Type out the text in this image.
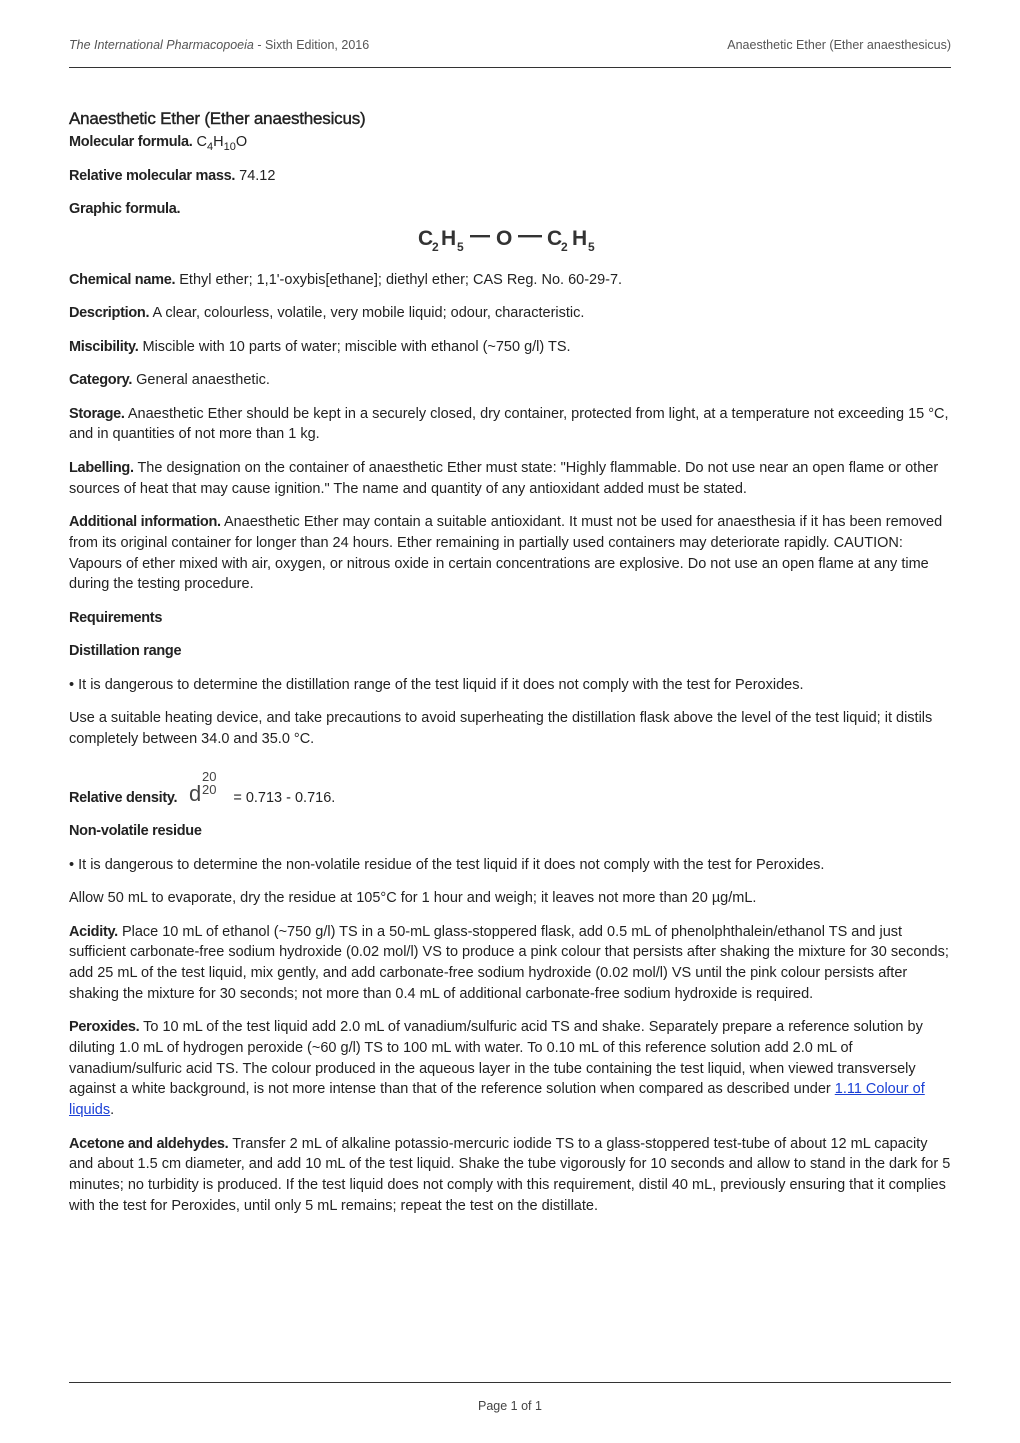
The International Pharmacopoeia - Sixth Edition, 2016	Anaesthetic Ether (Ether anaesthesicus)
Anaesthetic Ether (Ether anaesthesicus)

Molecular formula. $C_4H_{10}O$

Relative molecular mass. 74.12

Graphic formula.

C
2 H 5 O C
2 H 5

Chemical name. Ethyl ether; 1,1'-oxybis[ethane]; diethyl ether; CAS Reg. No. 60-29-7.

Description. A clear, colourless, volatile, very mobile liquid; odour, characteristic.

Miscibility. Miscible with 10 parts of water; miscible with ethanol (~750 g/l) TS.

Category. General anaesthetic.

Storage. Anaesthetic Ether should be kept in a securely closed, dry container, protected from light, at a temperature not exceeding 15 °C, and in quantities of not more than 1 kg.

Labelling. The designation on the container of anaesthetic Ether must state: "Highly flammable. Do not use near an open flame or other sources of heat that may cause ignition." The name and quantity of any antioxidant added must be stated.

Additional information. Anaesthetic Ether may contain a suitable antioxidant. It must not be used for anaesthesia if it has been removed from its original container for longer than 24 hours. Ether remaining in partially used containers may deteriorate rapidly. CAUTION: Vapours of ether mixed with air, oxygen, or nitrous oxide in certain concentrations are explosive. Do not use an open flame at any time during the testing procedure.

Requirements

Distillation range

• It is dangerous to determine the distillation range of the test liquid if it does not comply with the test for Peroxides.

Use a suitable heating device, and take precautions to avoid superheating the distillation flask above the level of the test liquid; it distils completely between 34.0 and 35.0 °C.

Relative density. d
20
20
= 0.713 - 0.716.

Non-volatile residue

• It is dangerous to determine the non-volatile residue of the test liquid if it does not comply with the test for Peroxides.

Allow 50 mL to evaporate, dry the residue at 105°C for 1 hour and weigh; it leaves not more than 20 µg/mL.

Acidity. Place 10 mL of ethanol (~750 g/l) TS in a 50-mL glass-stoppered flask, add 0.5 mL of phenolphthalein/ethanol TS and just sufficient carbonate-free sodium hydroxide (0.02 mol/l) VS to produce a pink colour that persists after shaking the mixture for 30 seconds; add 25 mL of the test liquid, mix gently, and add carbonate-free sodium hydroxide (0.02 mol/l) VS until the pink colour persists after shaking the mixture for 30 seconds; not more than 0.4 mL of additional carbonate-free sodium hydroxide is required.

Peroxides. To 10 mL of the test liquid add 2.0 mL of vanadium/sulfuric acid TS and shake. Separately prepare a reference solution by diluting 1.0 mL of hydrogen peroxide (~60 g/l) TS to 100 mL with water. To 0.10 mL of this reference solution add 2.0 mL of vanadium/sulfuric acid TS. The colour produced in the aqueous layer in the tube containing the test liquid, when viewed transversely against a white background, is not more intense than that of the reference solution when compared as described under 1.11 Colour of liquids.

Acetone and aldehydes. Transfer 2 mL of alkaline potassio-mercuric iodide TS to a glass-stoppered test-tube of about 12 mL capacity and about 1.5 cm diameter, and add 10 mL of the test liquid. Shake the tube vigorously for 10 seconds and allow to stand in the dark for 5 minutes; no turbidity is produced. If the test liquid does not comply with this requirement, distil 40 mL, previously ensuring that it complies with the test for Peroxides, until only 5 mL remains; repeat the test on the distillate.

Page 1 of 1
